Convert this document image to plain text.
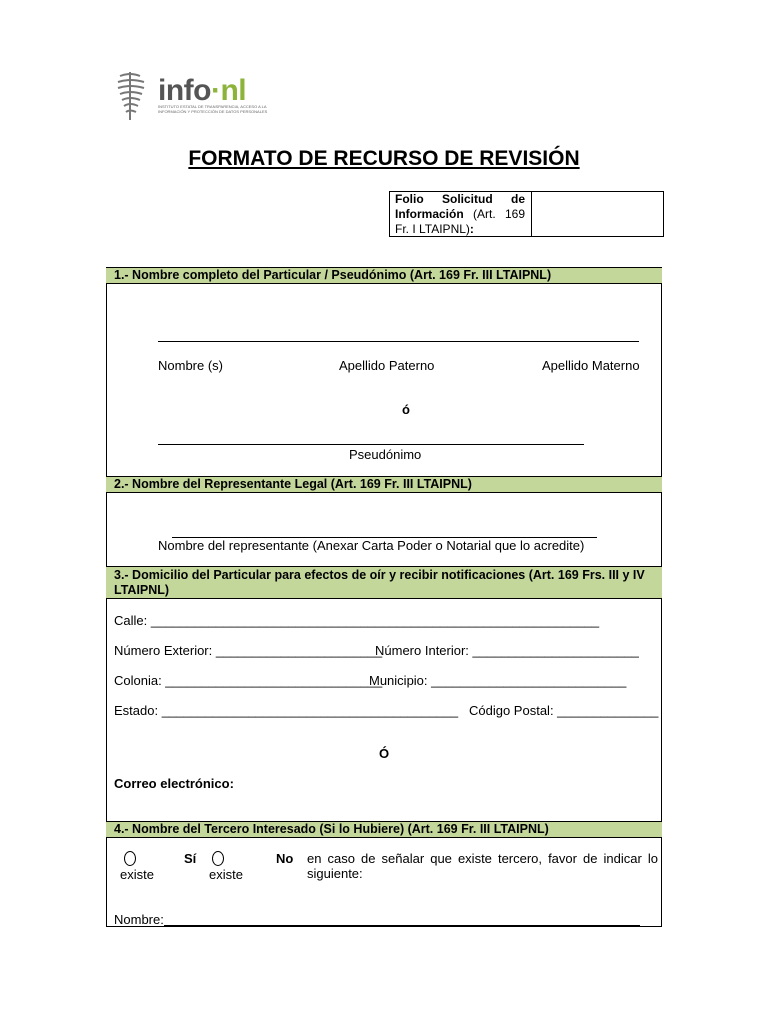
info·nl
INSTITUTO ESTATAL DE TRANSPARENCIA, ACCESO A LA INFORMACIÓN Y PROTECCIÓN DE DATOS PERSONALES
FORMATO DE RECURSO DE REVISIÓN
Folio Solicitud de Información (Art. 169 Fr. I LTAIPNL):
1.- Nombre completo del Particular / Pseudónimo (Art. 169 Fr. III LTAIPNL)
Nombre (s)	Apellido Paterno	Apellido Materno
ó
Pseudónimo
2.- Nombre del Representante Legal (Art. 169 Fr. III LTAIPNL)
Nombre del representante (Anexar Carta Poder o Notarial que lo acredite)
3.- Domicilio del Particular para efectos de oír y recibir notificaciones (Art. 169 Frs. III y IV LTAIPNL)
Calle: ______________________________________________________________
Número Exterior: _______________________
Número Interior: _______________________
Colonia: ______________________________
Municipio: ___________________________
Estado: _________________________________________ Código Postal: ______________
Ó
Correo electrónico:
4.- Nombre del Tercero Interesado (Si lo Hubiere) (Art. 169 Fr. III LTAIPNL)
Sí
existe
No
existe
en caso de señalar que existe tercero, favor de indicar lo siguiente:
Nombre:
